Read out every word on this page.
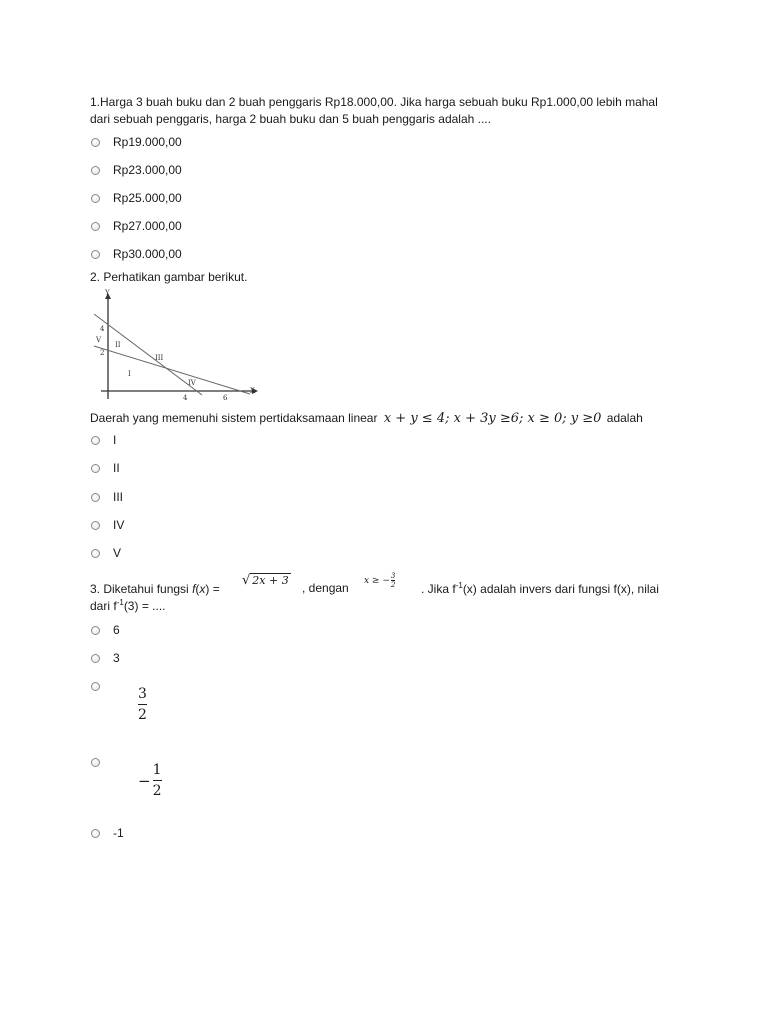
1.Harga 3 buah buku dan 2 buah penggaris Rp18.000,00. Jika harga sebuah buku Rp1.000,00 lebih mahal
dari sebuah penggaris, harga 2 buah buku dan 5 buah penggaris adalah ....
Rp19.000,00
Rp23.000,00
Rp25.000,00
Rp27.000,00
Rp30.000,00
2. Perhatikan gambar berikut.
Y
X
4
2
4	6
II
V
III
I
IV
Daerah yang memenuhi sistem pertidaksamaan linear x + y ≤ 4; x + 3y ≥6; x ≥ 0; y ≥0 adalah
I
II
III
IV
V
3. Diketahui fungsi f(x) =
√ 2x + 3
, dengan
x ≥ − $\frac{3}{2}$ . Jika $f^{-1}(x)$ adalah invers dari fungsi f(x), nilai
dari $f^{-1}(3)$ = ....
6
3
3
2
− $\frac{1}{2}$
-1
